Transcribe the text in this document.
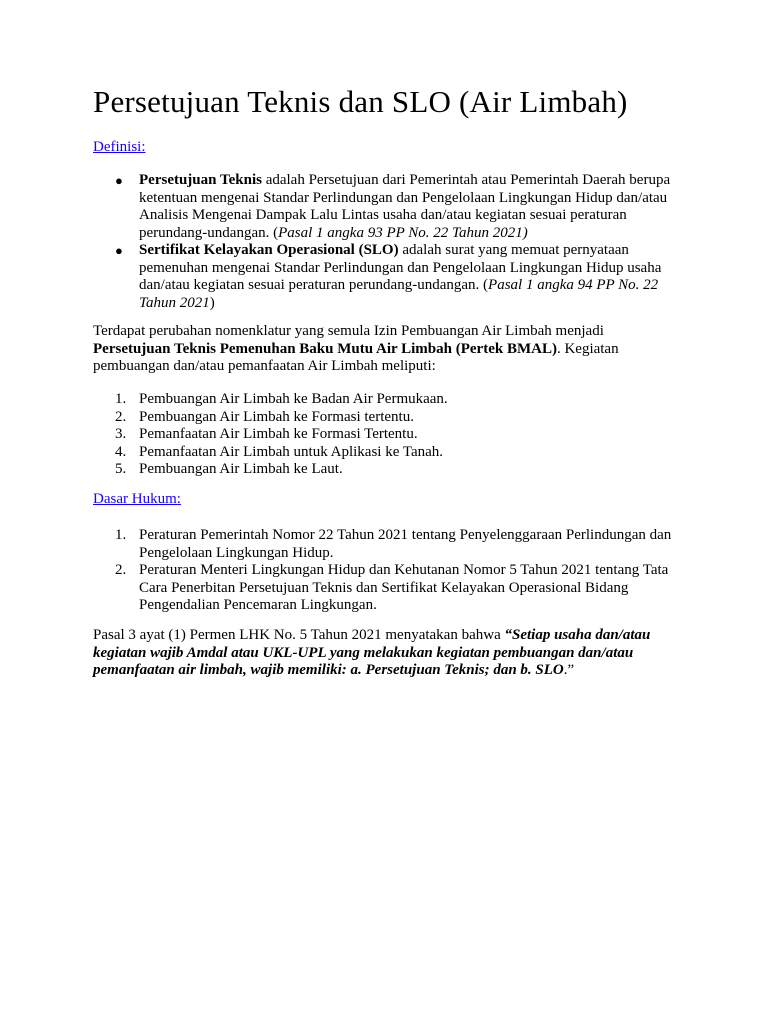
Persetujuan Teknis dan SLO (Air Limbah)
Definisi:
● Persetujuan Teknis adalah Persetujuan dari Pemerintah atau Pemerintah Daerah berupa ketentuan mengenai Standar Perlindungan dan Pengelolaan Lingkungan Hidup dan/atau Analisis Mengenai Dampak Lalu Lintas usaha dan/atau kegiatan sesuai peraturan perundang-undangan. (Pasal 1 angka 93 PP No. 22 Tahun 2021)
● Sertifikat Kelayakan Operasional (SLO) adalah surat yang memuat pernyataan pemenuhan mengenai Standar Perlindungan dan Pengelolaan Lingkungan Hidup usaha dan/atau kegiatan sesuai peraturan perundang-undangan. (Pasal 1 angka 94 PP No. 22 Tahun 2021)

Terdapat perubahan nomenklatur yang semula Izin Pembuangan Air Limbah menjadi Persetujuan Teknis Pemenuhan Baku Mutu Air Limbah (Pertek BMAL). Kegiatan pembuangan dan/atau pemanfaatan Air Limbah meliputi:

1. Pembuangan Air Limbah ke Badan Air Permukaan.
2. Pembuangan Air Limbah ke Formasi tertentu.
3. Pemanfaatan Air Limbah ke Formasi Tertentu.
4. Pemanfaatan Air Limbah untuk Aplikasi ke Tanah.
5. Pembuangan Air Limbah ke Laut.
Dasar Hukum:
1. Peraturan Pemerintah Nomor 22 Tahun 2021 tentang Penyelenggaraan Perlindungan dan Pengelolaan Lingkungan Hidup.
2. Peraturan Menteri Lingkungan Hidup dan Kehutanan Nomor 5 Tahun 2021 tentang Tata Cara Penerbitan Persetujuan Teknis dan Sertifikat Kelayakan Operasional Bidang Pengendalian Pencemaran Lingkungan.

Pasal 3 ayat (1) Permen LHK No. 5 Tahun 2021 menyatakan bahwa “Setiap usaha dan/atau kegiatan wajib Amdal atau UKL-UPL yang melakukan kegiatan pembuangan dan/atau pemanfaatan air limbah, wajib memiliki: a. Persetujuan Teknis; dan b. SLO.”
